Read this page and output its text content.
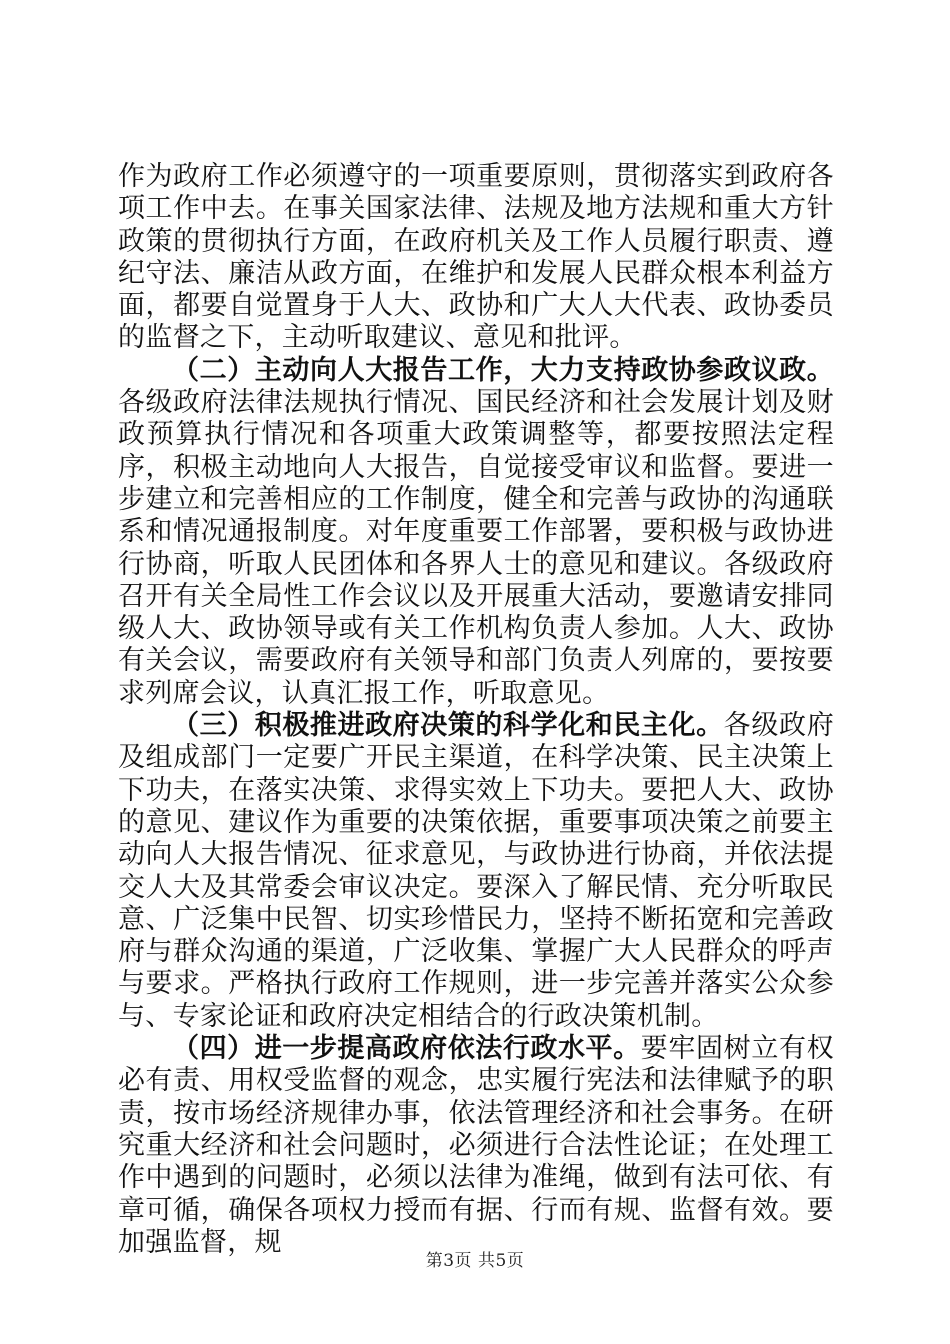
作为政府工作必须遵守的一项重要原则，贯彻落实到政府各项工作中去。在事关国家法律、法规及地方法规和重大方针政策的贯彻执行方面，在政府机关及工作人员履行职责、遵纪守法、廉洁从政方面，在维护和发展人民群众根本利益方面，都要自觉置身于人大、政协和广大人大代表、政协委员的监督之下，主动听取建议、意见和批评。

（二）主动向人大报告工作，大力支持政协参政议政。各级政府法律法规执行情况、国民经济和社会发展计划及财政预算执行情况和各项重大政策调整等，都要按照法定程序，积极主动地向人大报告，自觉接受审议和监督。要进一步建立和完善相应的工作制度，健全和完善与政协的沟通联系和情况通报制度。对年度重要工作部署，要积极与政协进行协商，听取人民团体和各界人士的意见和建议。各级政府召开有关全局性工作会议以及开展重大活动，要邀请安排同级人大、政协领导或有关工作机构负责人参加。人大、政协有关会议，需要政府有关领导和部门负责人列席的，要按要求列席会议，认真汇报工作，听取意见。

（三）积极推进政府决策的科学化和民主化。各级政府及组成部门一定要广开民主渠道，在科学决策、民主决策上下功夫，在落实决策、求得实效上下功夫。要把人大、政协的意见、建议作为重要的决策依据，重要事项决策之前要主动向人大报告情况、征求意见，与政协进行协商，并依法提交人大及其常委会审议决定。要深入了解民情、充分听取民意、广泛集中民智、切实珍惜民力，坚持不断拓宽和完善政府与群众沟通的渠道，广泛收集、掌握广大人民群众的呼声与要求。严格执行政府工作规则，进一步完善并落实公众参与、专家论证和政府决定相结合的行政决策机制。

（四）进一步提高政府依法行政水平。要牢固树立有权必有责、用权受监督的观念，忠实履行宪法和法律赋予的职责，按市场经济规律办事，依法管理经济和社会事务。在研究重大经济和社会问题时，必须进行合法性论证；在处理工作中遇到的问题时，必须以法律为准绳，做到有法可依、有章可循，确保各项权力授而有据、行而有规、监督有效。要加强监督，规

第3页 共5页
